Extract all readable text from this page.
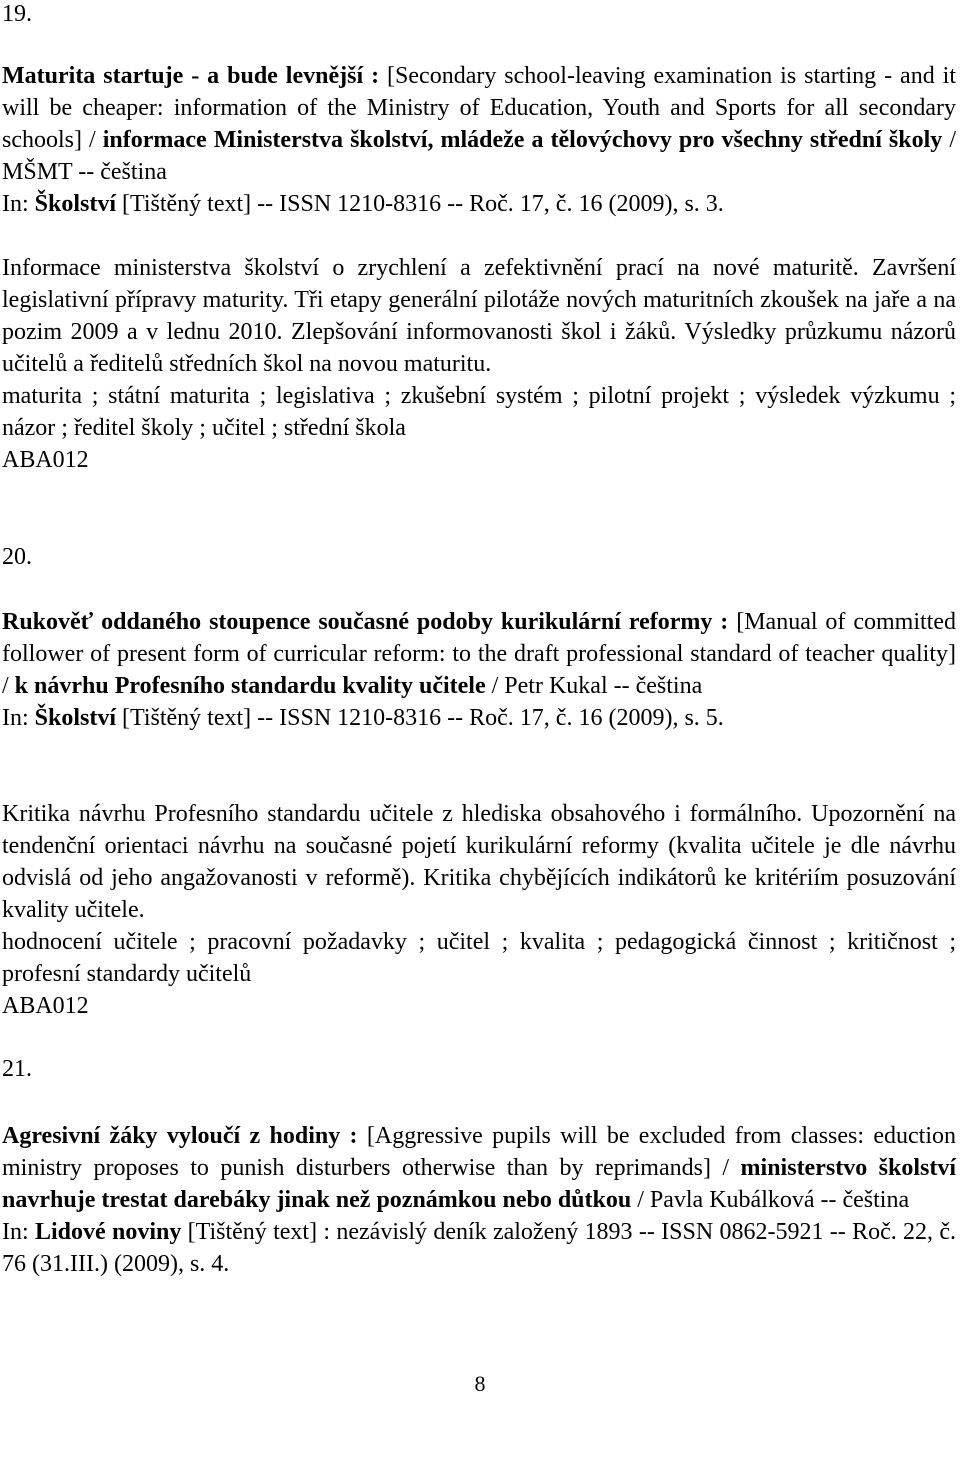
19.

Maturita startuje - a bude levnější : [Secondary school-leaving examination is starting - and it will be cheaper: information of the Ministry of Education, Youth and Sports for all secondary schools] / informace Ministerstva školství, mládeže a tělovýchovy pro všechny střední školy / MŠMT -- čeština

In: Školství [Tištěný text] -- ISSN 1210-8316 -- Roč. 17, č. 16 (2009), s. 3.

Informace ministerstva školství o zrychlení a zefektivnění prací na nové maturitě. Završení legislativní přípravy maturity. Tři etapy generální pilotáže nových maturitních zkoušek na jaře a na pozim 2009 a v lednu 2010. Zlepšování informovanosti škol i žáků. Výsledky průzkumu názorů učitelů a ředitelů středních škol na novou maturitu.

maturita ; státní maturita ; legislativa ; zkušební systém ; pilotní projekt ; výsledek výzkumu ; názor ; ředitel školy ; učitel ; střední škola

ABA012

20.

Rukověť oddaného stoupence současné podoby kurikulární reformy : [Manual of committed follower of present form of curricular reform: to the draft professional standard of teacher quality] / k návrhu Profesního standardu kvality učitele / Petr Kukal -- čeština

In: Školství [Tištěný text] -- ISSN 1210-8316 -- Roč. 17, č. 16 (2009), s. 5.

Kritika návrhu Profesního standardu učitele z hlediska obsahového i formálního. Upozornění na tendenční orientaci návrhu na současné pojetí kurikulární reformy (kvalita učitele je dle návrhu odvislá od jeho angažovanosti v reformě). Kritika chybějících indikátorů ke kritériím posuzování kvality učitele.

hodnocení učitele ; pracovní požadavky ; učitel ; kvalita ; pedagogická činnost ; kritičnost ; profesní standardy učitelů

ABA012

21.

Agresivní žáky vyloučí z hodiny : [Aggressive pupils will be excluded from classes: eduction ministry proposes to punish disturbers otherwise than by reprimands] / ministerstvo školství navrhuje trestat darebáky jinak než poznámkou nebo důtkou / Pavla Kubálková -- čeština

In: Lidové noviny [Tištěný text] : nezávislý deník založený 1893 -- ISSN 0862-5921 -- Roč. 22, č. 76 (31.III.) (2009), s. 4.

8
